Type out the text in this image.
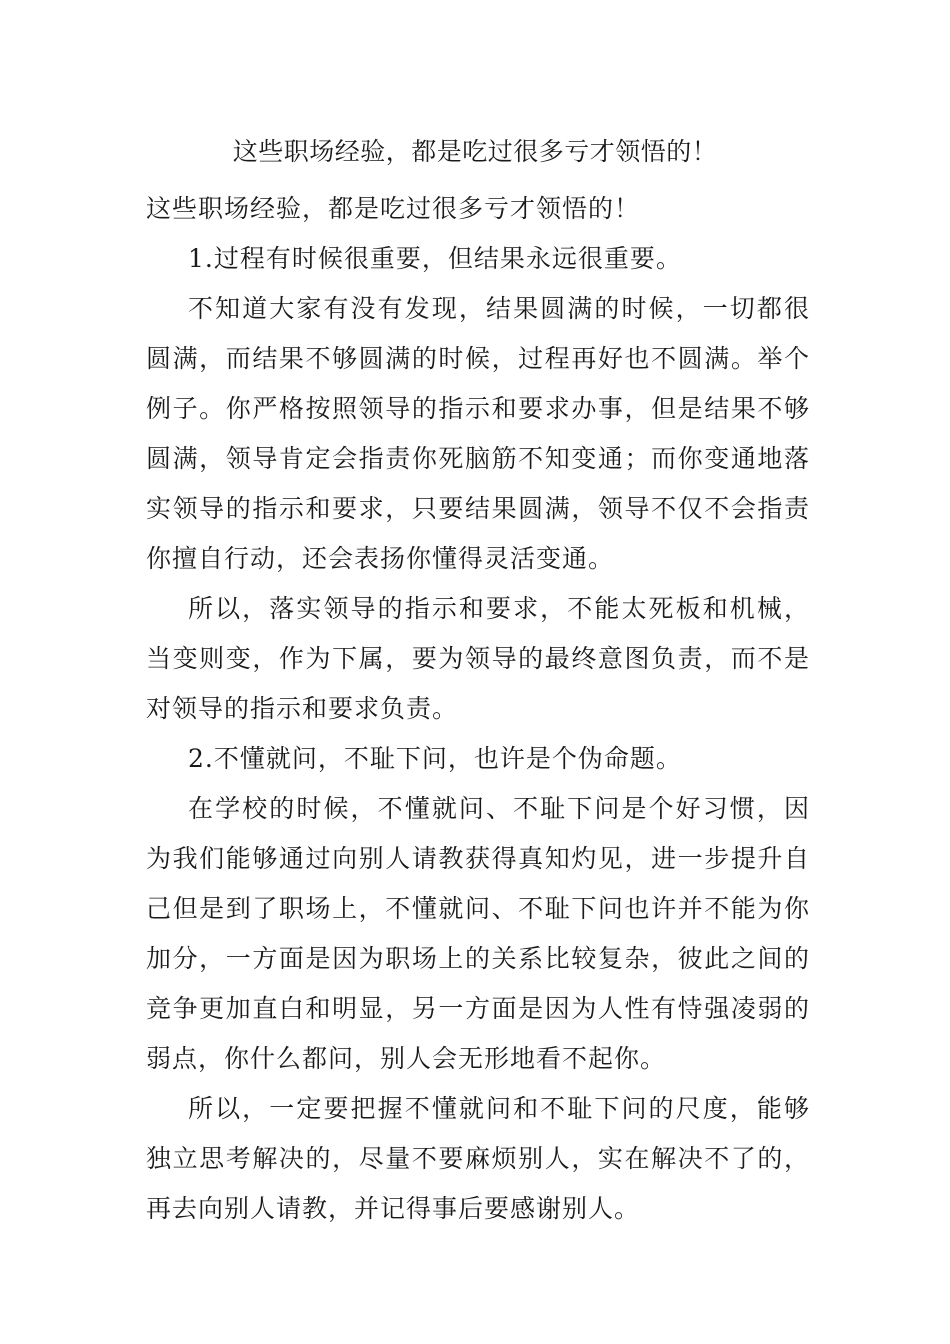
这些职场经验，都是吃过很多亏才领悟的！

这些职场经验，都是吃过很多亏才领悟的！

1.过程有时候很重要，但结果永远很重要。

不知道大家有没有发现，结果圆满的时候，一切都很圆满，而结果不够圆满的时候，过程再好也不圆满。举个例子。你严格按照领导的指示和要求办事，但是结果不够圆满，领导肯定会指责你死脑筋不知变通；而你变通地落实领导的指示和要求，只要结果圆满，领导不仅不会指责你擅自行动，还会表扬你懂得灵活变通。

所以，落实领导的指示和要求，不能太死板和机械，当变则变，作为下属，要为领导的最终意图负责，而不是对领导的指示和要求负责。

2.不懂就问，不耻下问，也许是个伪命题。

在学校的时候，不懂就问、不耻下问是个好习惯，因为我们能够通过向别人请教获得真知灼见，进一步提升自己但是到了职场上，不懂就问、不耻下问也许并不能为你加分，一方面是因为职场上的关系比较复杂，彼此之间的竞争更加直白和明显，另一方面是因为人性有恃强凌弱的弱点，你什么都问，别人会无形地看不起你。

所以，一定要把握不懂就问和不耻下问的尺度，能够独立思考解决的，尽量不要麻烦别人，实在解决不了的，再去向别人请教，并记得事后要感谢别人。
